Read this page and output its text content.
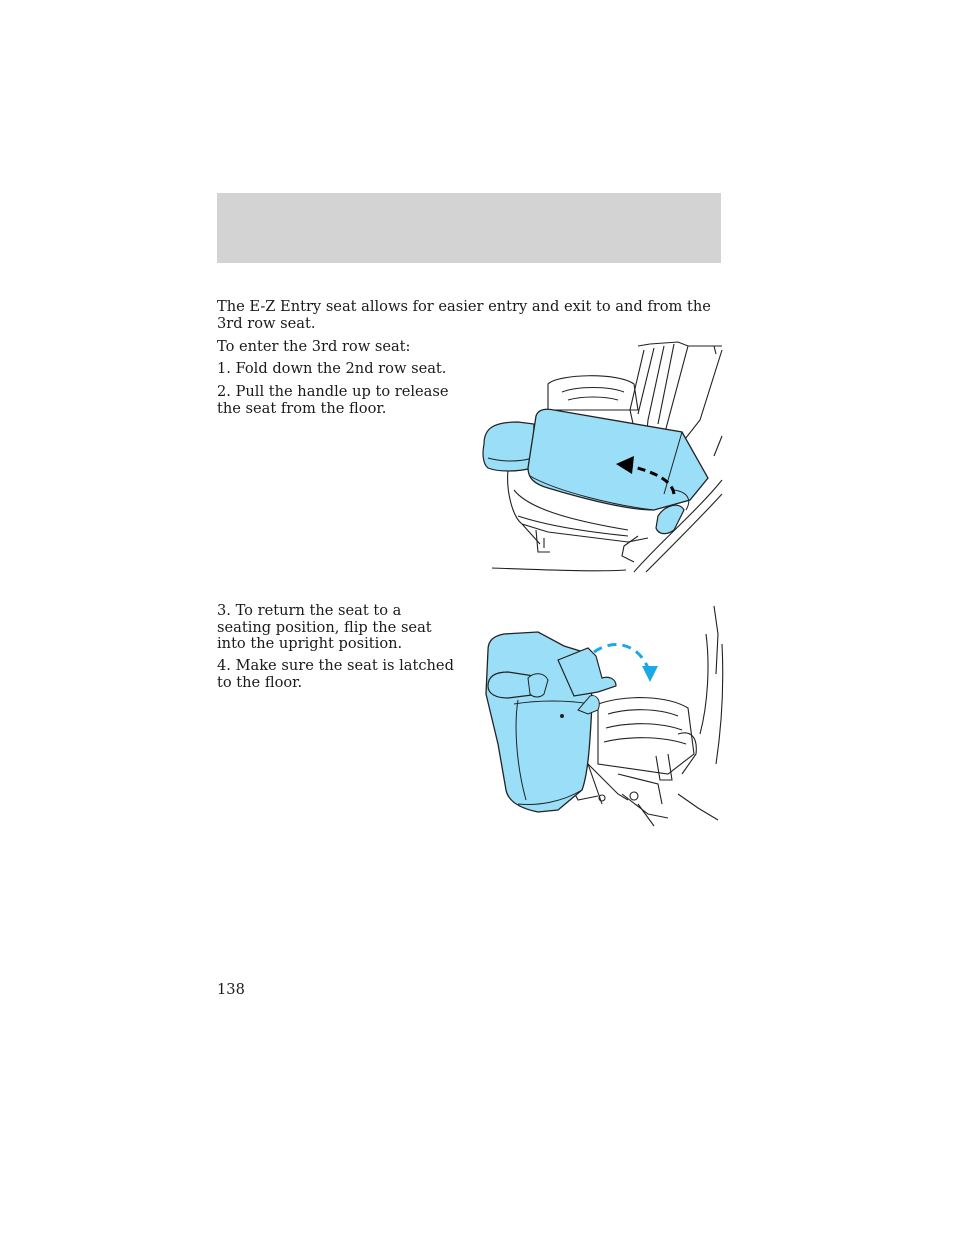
The E-Z Entry seat allows for easier entry and exit to and from the 3rd row seat.

To enter the 3rd row seat:

1. Fold down the 2nd row seat.

2. Pull the handle up to release the seat from the floor.

3. To return the seat to a seating position, flip the seat into the upright position.

4. Make sure the seat is latched to the floor.

138
